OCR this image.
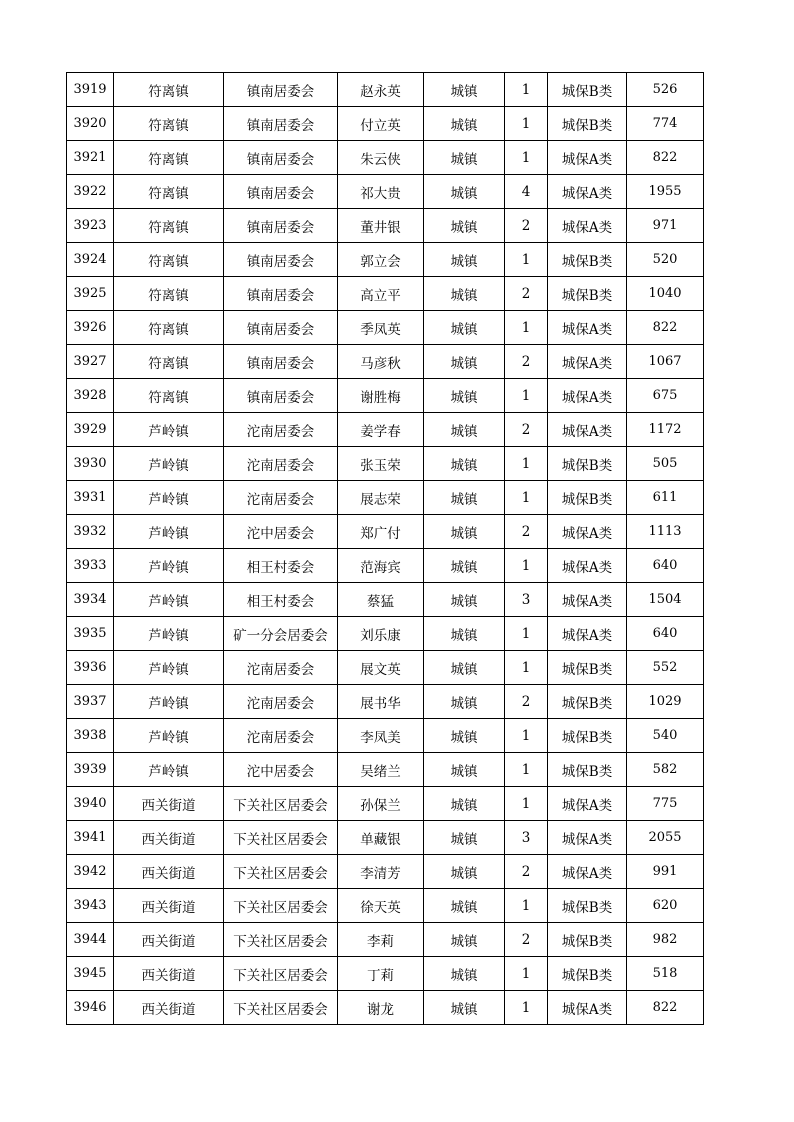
3919	符离镇	镇南居委会	赵永英	城镇	1	城保B类	526
3920	符离镇	镇南居委会	付立英	城镇	1	城保B类	774
3921	符离镇	镇南居委会	朱云侠	城镇	1	城保A类	822
3922	符离镇	镇南居委会	祁大贵	城镇	4	城保A类	1955
3923	符离镇	镇南居委会	董井银	城镇	2	城保A类	971
3924	符离镇	镇南居委会	郭立会	城镇	1	城保B类	520
3925	符离镇	镇南居委会	高立平	城镇	2	城保B类	1040
3926	符离镇	镇南居委会	季凤英	城镇	1	城保A类	822
3927	符离镇	镇南居委会	马彦秋	城镇	2	城保A类	1067
3928	符离镇	镇南居委会	谢胜梅	城镇	1	城保A类	675
3929	芦岭镇	沱南居委会	姜学春	城镇	2	城保A类	1172
3930	芦岭镇	沱南居委会	张玉荣	城镇	1	城保B类	505
3931	芦岭镇	沱南居委会	展志荣	城镇	1	城保B类	611
3932	芦岭镇	沱中居委会	郑广付	城镇	2	城保A类	1113
3933	芦岭镇	相王村委会	范海宾	城镇	1	城保A类	640
3934	芦岭镇	相王村委会	蔡猛	城镇	3	城保A类	1504
3935	芦岭镇	矿一分会居委会	刘乐康	城镇	1	城保A类	640
3936	芦岭镇	沱南居委会	展文英	城镇	1	城保B类	552
3937	芦岭镇	沱南居委会	展书华	城镇	2	城保B类	1029
3938	芦岭镇	沱南居委会	李凤美	城镇	1	城保B类	540
3939	芦岭镇	沱中居委会	吴绪兰	城镇	1	城保B类	582
3940	西关街道	下关社区居委会	孙保兰	城镇	1	城保A类	775
3941	西关街道	下关社区居委会	单藏银	城镇	3	城保A类	2055
3942	西关街道	下关社区居委会	李清芳	城镇	2	城保A类	991
3943	西关街道	下关社区居委会	徐天英	城镇	1	城保B类	620
3944	西关街道	下关社区居委会	李莉	城镇	2	城保B类	982
3945	西关街道	下关社区居委会	丁莉	城镇	1	城保B类	518
3946	西关街道	下关社区居委会	谢龙	城镇	1	城保A类	822
